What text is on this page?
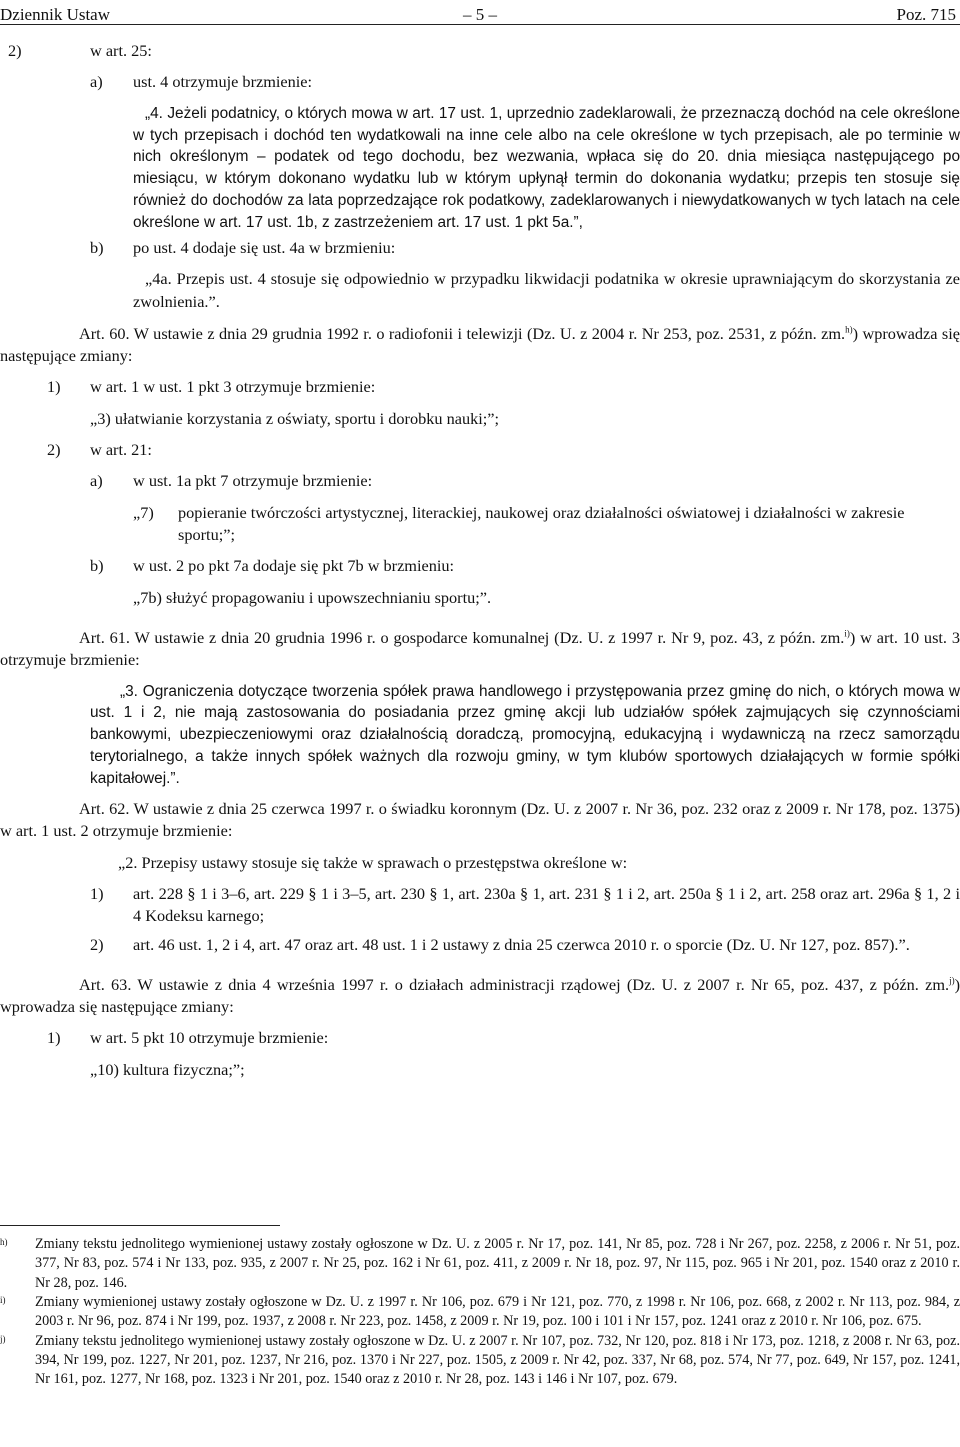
Dziennik Ustaw	– 5 –	Poz. 715
2)	w art. 25:
a)	ust. 4 otrzymuje brzmienie:

„4. Jeżeli podatnicy, o których mowa w art. 17 ust. 1, uprzednio zadeklarowali, że przeznaczą dochód na cele określone w tych przepisach i dochód ten wydatkowali na inne cele albo na cele określone w tych przepisach, ale po terminie w nich określonym – podatek od tego dochodu, bez wezwania, wpłaca się do 20. dnia miesiąca następującego po miesiącu, w którym dokonano wydatku lub w którym upłynął termin do dokonania wydatku; przepis ten stosuje się również do dochodów za lata poprzedzające rok podatkowy, zadeklarowanych i niewydatkowanych w tych latach na cele określone w art. 17 ust. 1b, z zastrzeżeniem art. 17 ust. 1 pkt 5a.”,

b)	po ust. 4 dodaje się ust. 4a w brzmieniu:

„4a. Przepis ust. 4 stosuje się odpowiednio w przypadku likwidacji podatnika w okresie uprawniającym do skorzystania ze zwolnienia.”.

Art. 60. W ustawie z dnia 29 grudnia 1992 r. o radiofonii i telewizji (Dz. U. z 2004 r. Nr 253, poz. 2531, z późn. zm.$^{h)}$) wprowadza się następujące zmiany:

1)	w art. 1 w ust. 1 pkt 3 otrzymuje brzmienie:

„3) ułatwianie korzystania z oświaty, sportu i dorobku nauki;”;

2)	w art. 21:
a)	w ust. 1a pkt 7 otrzymuje brzmienie:
„7)	popieranie twórczości artystycznej, literackiej, naukowej oraz działalności oświatowej i działalności w zakresie sportu;”;
b)	w ust. 2 po pkt 7a dodaje się pkt 7b w brzmieniu:

„7b) służyć propagowaniu i upowszechnianiu sportu;”.

Art. 61. W ustawie z dnia 20 grudnia 1996 r. o gospodarce komunalnej (Dz. U. z 1997 r. Nr 9, poz. 43, z późn. zm.$^{i)}$) w art. 10 ust. 3 otrzymuje brzmienie:

„3. Ograniczenia dotyczące tworzenia spółek prawa handlowego i przystępowania przez gminę do nich, o których mowa w ust. 1 i 2, nie mają zastosowania do posiadania przez gminę akcji lub udziałów spółek zajmujących się czynnościami bankowymi, ubezpieczeniowymi oraz działalnością doradczą, promocyjną, edukacyjną i wydawniczą na rzecz samorządu terytorialnego, a także innych spółek ważnych dla rozwoju gminy, w tym klubów sportowych działających w formie spółki kapitałowej.”.

Art. 62. W ustawie z dnia 25 czerwca 1997 r. o świadku koronnym (Dz. U. z 2007 r. Nr 36, poz. 232 oraz z 2009 r. Nr 178, poz. 1375) w art. 1 ust. 2 otrzymuje brzmienie:

„2. Przepisy ustawy stosuje się także w sprawach o przestępstwa określone w:

1)	art. 228 § 1 i 3–6, art. 229 § 1 i 3–5, art. 230 § 1, art. 230a § 1, art. 231 § 1 i 2, art. 250a § 1 i 2, art. 258 oraz art. 296a § 1, 2 i 4 Kodeksu karnego;
2)	art. 46 ust. 1, 2 i 4, art. 47 oraz art. 48 ust. 1 i 2 ustawy z dnia 25 czerwca 2010 r. o sporcie (Dz. U. Nr 127, poz. 857).”.

Art. 63. W ustawie z dnia 4 września 1997 r. o działach administracji rządowej (Dz. U. z 2007 r. Nr 65, poz. 437, z późn. zm.$^{j)}$) wprowadza się następujące zmiany:

1)	w art. 5 pkt 10 otrzymuje brzmienie:

„10) kultura fizyczna;”;

h)	Zmiany tekstu jednolitego wymienionej ustawy zostały ogłoszone w Dz. U. z 2005 r. Nr 17, poz. 141, Nr 85, poz. 728 i Nr 267, poz. 2258, z 2006 r. Nr 51, poz. 377, Nr 83, poz. 574 i Nr 133, poz. 935, z 2007 r. Nr 25, poz. 162 i Nr 61, poz. 411, z 2009 r. Nr 18, poz. 97, Nr 115, poz. 965 i Nr 201, poz. 1540 oraz z 2010 r. Nr 28, poz. 146.
i)	Zmiany wymienionej ustawy zostały ogłoszone w Dz. U. z 1997 r. Nr 106, poz. 679 i Nr 121, poz. 770, z 1998 r. Nr 106, poz. 668, z 2002 r. Nr 113, poz. 984, z 2003 r. Nr 96, poz. 874 i Nr 199, poz. 1937, z 2008 r. Nr 223, poz. 1458, z 2009 r. Nr 19, poz. 100 i 101 i Nr 157, poz. 1241 oraz z 2010 r. Nr 106, poz. 675.
j)	Zmiany tekstu jednolitego wymienionej ustawy zostały ogłoszone w Dz. U. z 2007 r. Nr 107, poz. 732, Nr 120, poz. 818 i Nr 173, poz. 1218, z 2008 r. Nr 63, poz. 394, Nr 199, poz. 1227, Nr 201, poz. 1237, Nr 216, poz. 1370 i Nr 227, poz. 1505, z 2009 r. Nr 42, poz. 337, Nr 68, poz. 574, Nr 77, poz. 649, Nr 157, poz. 1241, Nr 161, poz. 1277, Nr 168, poz. 1323 i Nr 201, poz. 1540 oraz z 2010 r. Nr 28, poz. 143 i 146 i Nr 107, poz. 679.
